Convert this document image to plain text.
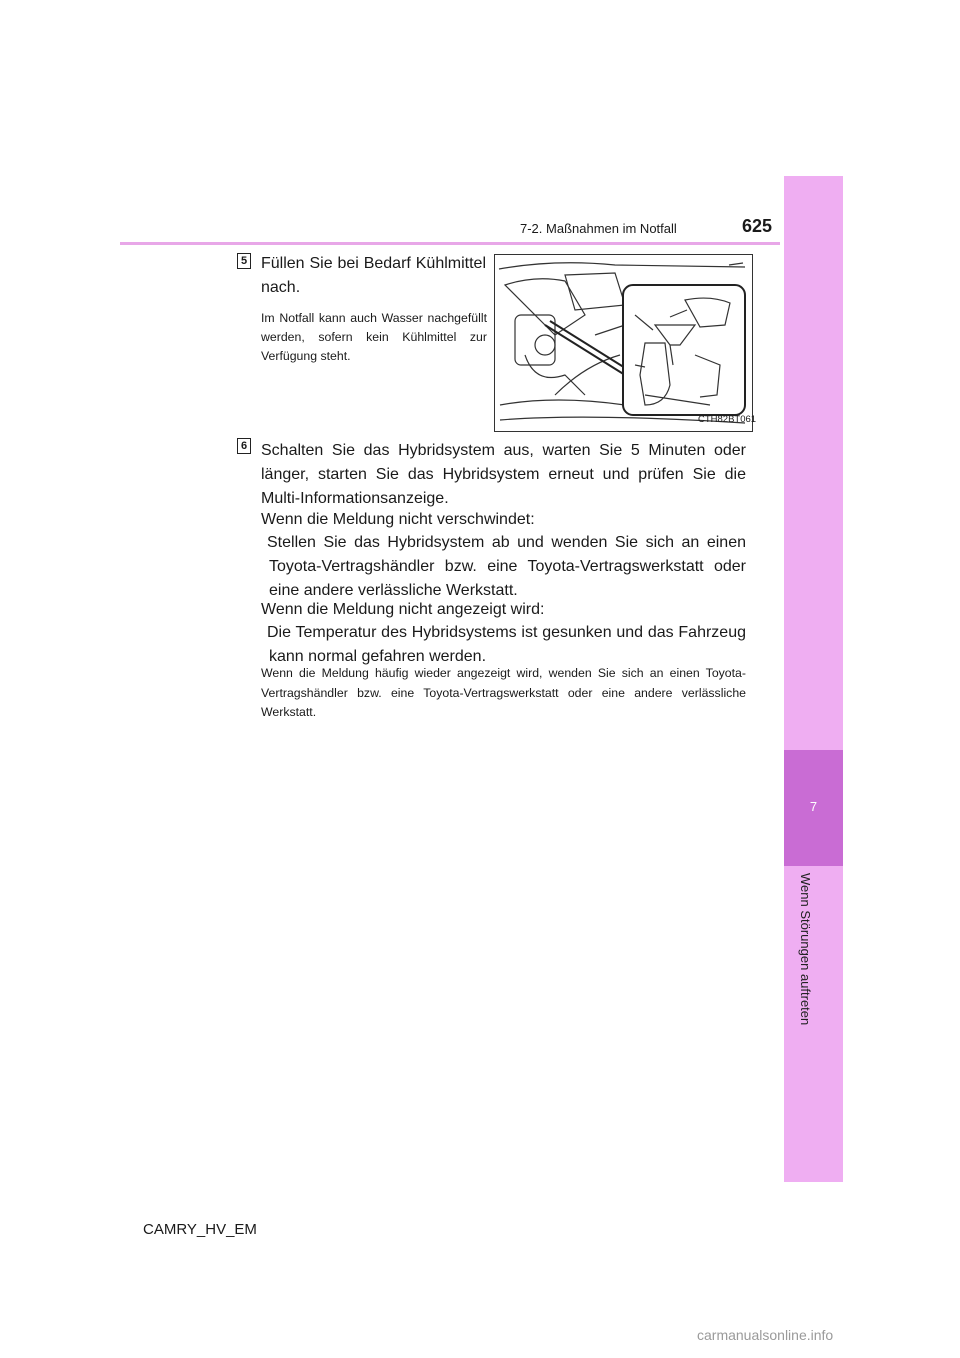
7
Wenn Störungen auftreten
7-2. Maßnahmen im Notfall	625
5 Füllen Sie bei Bedarf Kühlmittel nach.
Im Notfall kann auch Wasser nachgefüllt werden, sofern kein Kühlmittel zur Verfügung steht.
CTH82BT061
6 Schalten Sie das Hybridsystem aus, warten Sie 5 Minuten oder länger, starten Sie das Hybridsystem erneut und prüfen Sie die Multi-Informationsanzeige.
Wenn die Meldung nicht verschwindet:
Stellen Sie das Hybridsystem ab und wenden Sie sich an einen Toyota-Vertragshändler bzw. eine Toyota-Vertragswerkstatt oder eine andere verlässliche Werkstatt.
Wenn die Meldung nicht angezeigt wird:
Die Temperatur des Hybridsystems ist gesunken und das Fahrzeug kann normal gefahren werden.
Wenn die Meldung häufig wieder angezeigt wird, wenden Sie sich an einen Toyota-Vertragshändler bzw. eine Toyota-Vertragswerkstatt oder eine andere verlässliche Werkstatt.
CAMRY_HV_EM
carmanualsonline.info
